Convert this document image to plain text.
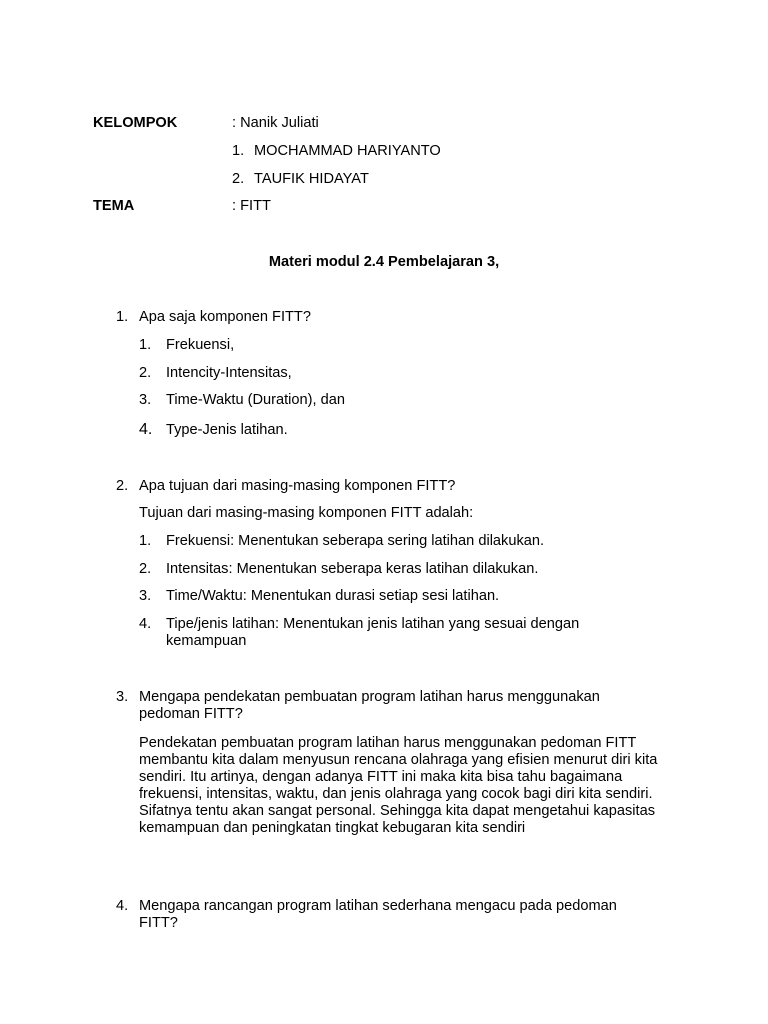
KELOMPOK	: Nanik Juliati
1. MOCHAMMAD HARIYANTO
2. TAUFIK HIDAYAT
TEMA	: FITT
Materi modul 2.4 Pembelajaran 3,
1. Apa saja komponen FITT?
1. Frekuensi,
2. Intencity-Intensitas,
3. Time-Waktu (Duration), dan
4. Type-Jenis latihan.
2. Apa tujuan dari masing-masing komponen FITT?
Tujuan dari masing-masing komponen FITT adalah:
1. Frekuensi: Menentukan seberapa sering latihan dilakukan.
2. Intensitas: Menentukan seberapa keras latihan dilakukan.
3. Time/Waktu: Menentukan durasi setiap sesi latihan.
4. Tipe/jenis latihan: Menentukan jenis latihan yang sesuai dengan kemampuan
3. Mengapa pendekatan pembuatan program latihan harus menggunakan pedoman FITT?
Pendekatan pembuatan program latihan harus menggunakan pedoman FITT membantu kita dalam menyusun rencana olahraga yang efisien menurut diri kita sendiri. Itu artinya, dengan adanya FITT ini maka kita bisa tahu bagaimana frekuensi, intensitas, waktu, dan jenis olahraga yang cocok bagi diri kita sendiri. Sifatnya tentu akan sangat personal. Sehingga kita dapat mengetahui kapasitas kemampuan dan peningkatan tingkat kebugaran kita sendiri
4. Mengapa rancangan program latihan sederhana mengacu pada pedoman FITT?
